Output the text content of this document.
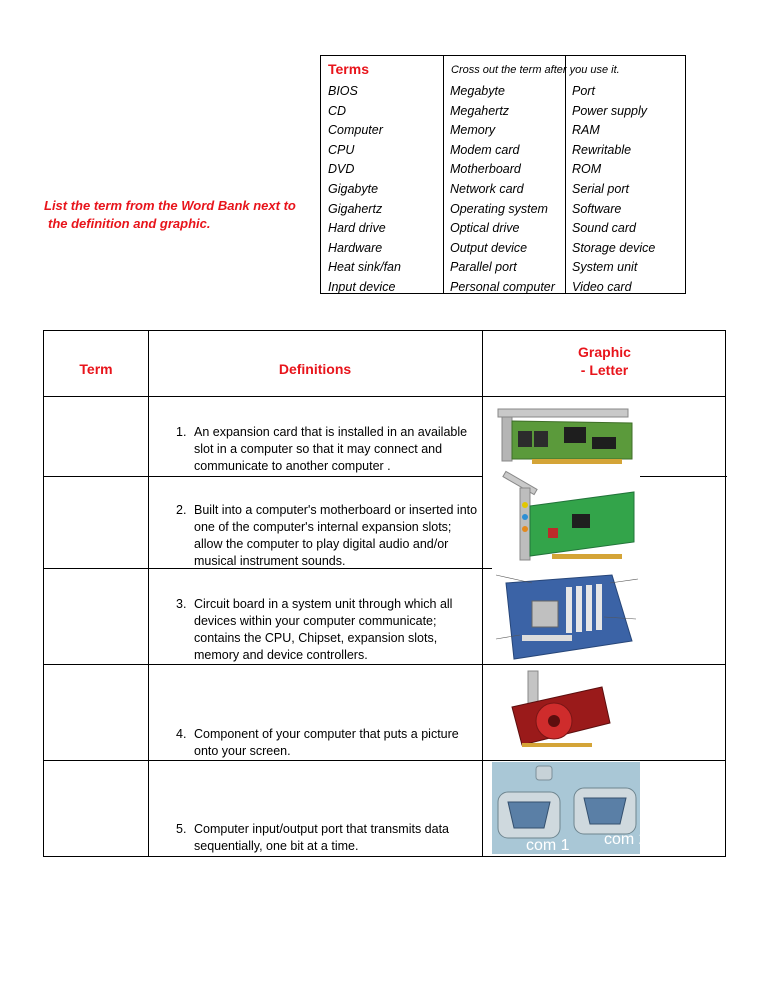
List the term from the Word Bank next to
the definition and graphic.
Terms
BIOS
CD
Computer
CPU
DVD
Gigabyte
Gigahertz
Hard drive
Hardware
Heat sink/fan
Input device
Megabyte
Megahertz
Memory
Modem card
Motherboard
Network card
Operating system
Optical drive
Output device
Parallel port
Personal computer
Port
Power supply
RAM
Rewritable
ROM
Serial port
Software
Sound card
Storage device
System unit
Video card
Cross out the term after you use it.
Term	Definitions
Graphic
- Letter
1. An expansion card that is installed in an available slot in a computer so that it may connect and communicate to another computer .
2. Built into a computer's motherboard or inserted into one of the computer's internal expansion slots; allow the computer to play digital audio and/or musical instrument sounds.
3. Circuit board in a system unit through which all devices within your computer communicate; contains the CPU, Chipset, expansion slots, memory and device controllers.
4. Component of your computer that puts a picture onto your screen.
5. Computer input/output port that transmits data sequentially, one bit at a time.	com 1 com 2
